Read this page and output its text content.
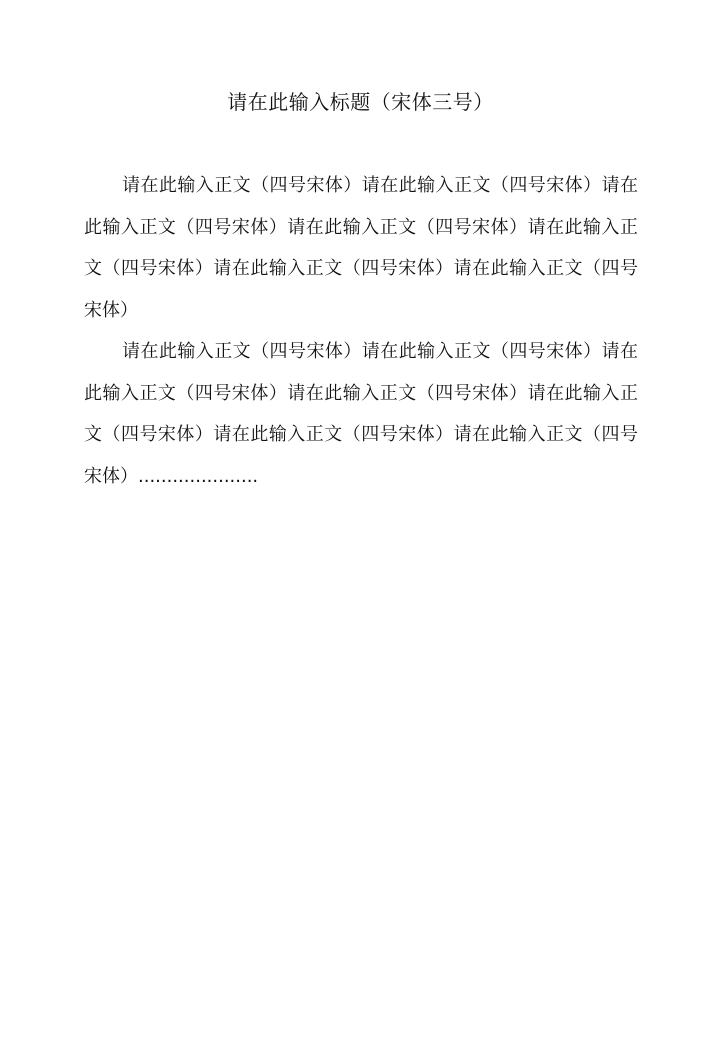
请在此输入标题（宋体三号）

请在此输入正文（四号宋体）请在此输入正文（四号宋体）请在此输入正文（四号宋体）请在此输入正文（四号宋体）请在此输入正文（四号宋体）请在此输入正文（四号宋体）请在此输入正文（四号宋体）

请在此输入正文（四号宋体）请在此输入正文（四号宋体）请在此输入正文（四号宋体）请在此输入正文（四号宋体）请在此输入正文（四号宋体）请在此输入正文（四号宋体）请在此输入正文（四号宋体）.....................
